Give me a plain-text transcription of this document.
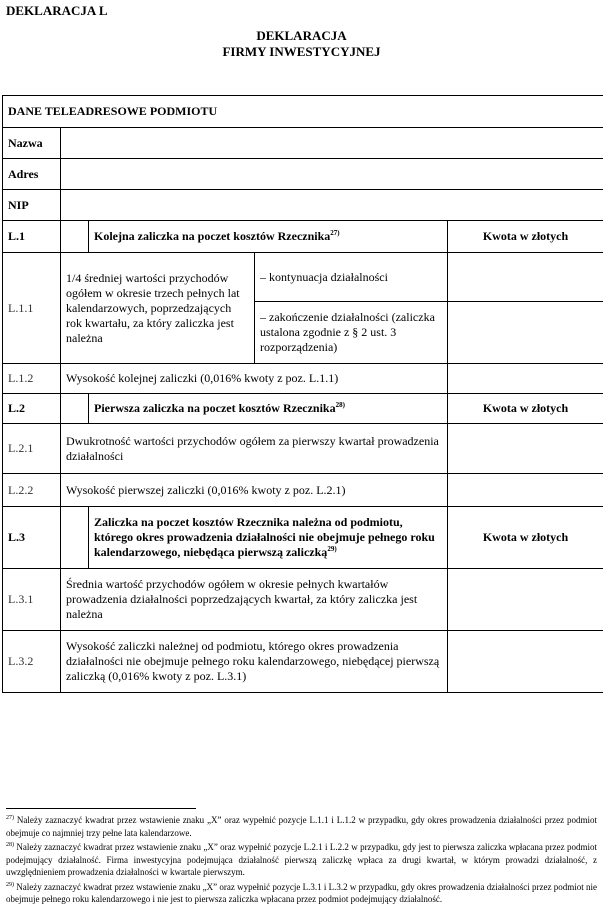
DEKLARACJA L
DEKLARACJA
FIRMY INWESTYCYJNEJ
DANE TELEADRESOWE PODMIOTU				
Nazwa				
Adres				
NIP				
L.1		Kolejna zaliczka na poczet kosztów Rzecznika$^{27)}$		Kwota w złotych
L.1.1	1/4 średniej wartości przychodów ogółem w okresie trzech pełnych lat kalendarzowych, poprzedzających rok kwartału, za który zaliczka jest należna		– kontynuacja działalności	
			– zakończenie działalności (zaliczka ustalona zgodnie z § 2 ust. 3 rozporządzenia)	
L.1.2	Wysokość kolejnej zaliczki (0,016% kwoty z poz. L.1.1)			
L.2		Pierwsza zaliczka na poczet kosztów Rzecznika$^{28)}$		Kwota w złotych
L.2.1	Dwukrotność wartości przychodów ogółem za pierwszy kwartał prowadzenia działalności			
L.2.2	Wysokość pierwszej zaliczki (0,016% kwoty z poz. L.2.1)			
L.3		Zaliczka na poczet kosztów Rzecznika należna od podmiotu, którego okres prowadzenia działalności nie obejmuje pełnego roku kalendarzowego, niebędąca pierwszą zaliczką$^{29)}$		Kwota w złotych
L.3.1	Średnia wartość przychodów ogółem w okresie pełnych kwartałów prowadzenia działalności poprzedzających kwartał, za który zaliczka jest należna			
L.3.2	Wysokość zaliczki należnej od podmiotu, którego okres prowadzenia działalności nie obejmuje pełnego roku kalendarzowego, niebędącej pierwszą zaliczką (0,016% kwoty z poz. L.3.1)			

$^{27)}$ Należy zaznaczyć kwadrat przez wstawienie znaku „X” oraz wypełnić pozycje L.1.1 i L.1.2 w przypadku, gdy okres prowadzenia działalności przez podmiot obejmuje co najmniej trzy pełne lata kalendarzowe.

$^{28)}$ Należy zaznaczyć kwadrat przez wstawienie znaku „X” oraz wypełnić pozycje L.2.1 i L.2.2 w przypadku, gdy jest to pierwsza zaliczka wpłacana przez podmiot podejmujący działalność. Firma inwestycyjna podejmująca działalność pierwszą zaliczkę wpłaca za drugi kwartał, w którym prowadzi działalność, z uwzględnieniem prowadzenia działalności w kwartale pierwszym.

$^{29)}$ Należy zaznaczyć kwadrat przez wstawienie znaku „X” oraz wypełnić pozycje L.3.1 i L.3.2 w przypadku, gdy okres prowadzenia działalności przez podmiot nie obejmuje pełnego roku kalendarzowego i nie jest to pierwsza zaliczka wpłacana przez podmiot podejmujący działalność.
